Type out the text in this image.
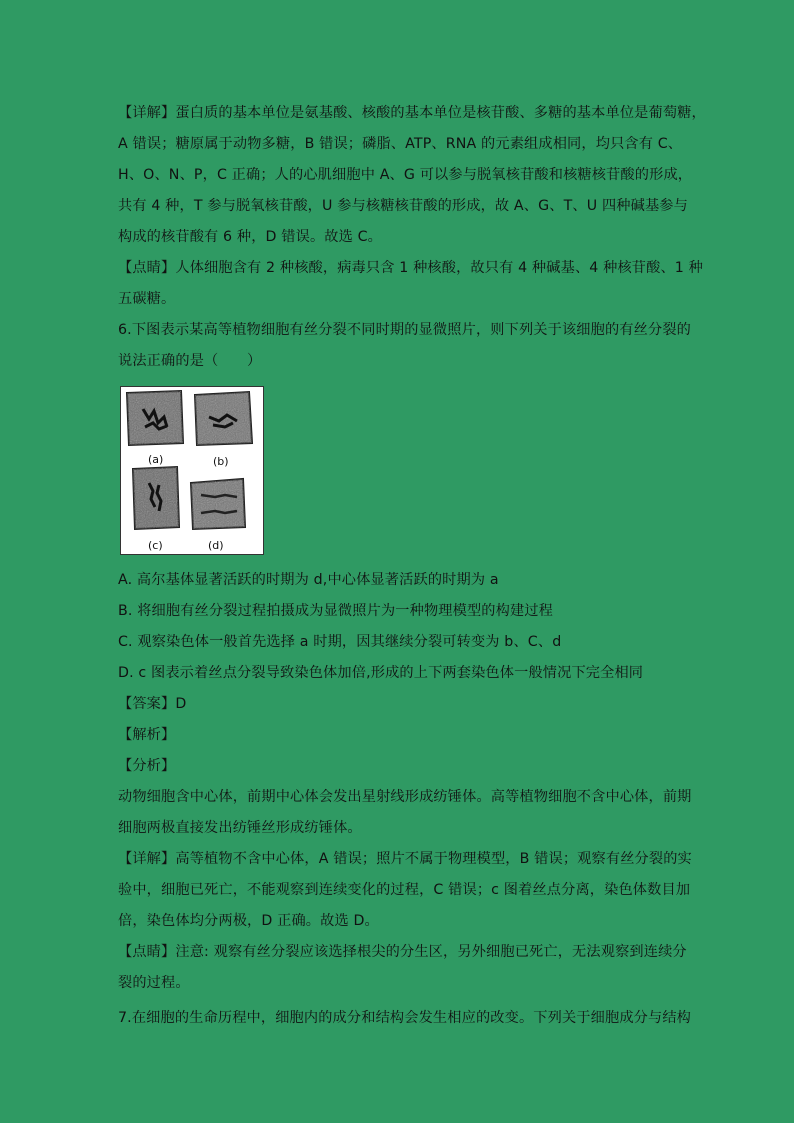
【详解】蛋白质的基本单位是氨基酸、核酸的基本单位是核苷酸、多糖的基本单位是葡萄糖，
A 错误；糖原属于动物多糖，B 错误；磷脂、ATP、RNA 的元素组成相同，均只含有 C、
H、O、N、P，C 正确；人的心肌细胞中 A、G 可以参与脱氧核苷酸和核糖核苷酸的形成，
共有 4 种，T 参与脱氧核苷酸，U 参与核糖核苷酸的形成，故 A、G、T、U 四种碱基参与
构成的核苷酸有 6 种，D 错误。故选 C。
【点睛】人体细胞含有 2 种核酸，病毒只含 1 种核酸，故只有 4 种碱基、4 种核苷酸、1 种
五碳糖。
6.下图表示某高等植物细胞有丝分裂不同时期的显微照片，则下列关于该细胞的有丝分裂的
说法正确的是（　　）
(a)	(b)
(c)	(d)
A. 高尔基体显著活跃的时期为 d,中心体显著活跃的时期为 a
B. 将细胞有丝分裂过程拍摄成为显微照片为一种物理模型的构建过程
C. 观察染色体一般首先选择 a 时期，因其继续分裂可转变为 b、C、d
D. c 图表示着丝点分裂导致染色体加倍,形成的上下两套染色体一般情况下完全相同
【答案】D
【解析】
【分析】
动物细胞含中心体，前期中心体会发出星射线形成纺锤体。高等植物细胞不含中心体，前期
细胞两极直接发出纺锤丝形成纺锤体。
【详解】高等植物不含中心体，A 错误；照片不属于物理模型，B 错误；观察有丝分裂的实
验中，细胞已死亡，不能观察到连续变化的过程，C 错误；c 图着丝点分离，染色体数目加
倍，染色体均分两极，D 正确。故选 D。
【点睛】注意: 观察有丝分裂应该选择根尖的分生区，另外细胞已死亡，无法观察到连续分
裂的过程。
7.在细胞的生命历程中，细胞内的成分和结构会发生相应的改变。下列关于细胞成分与结构
